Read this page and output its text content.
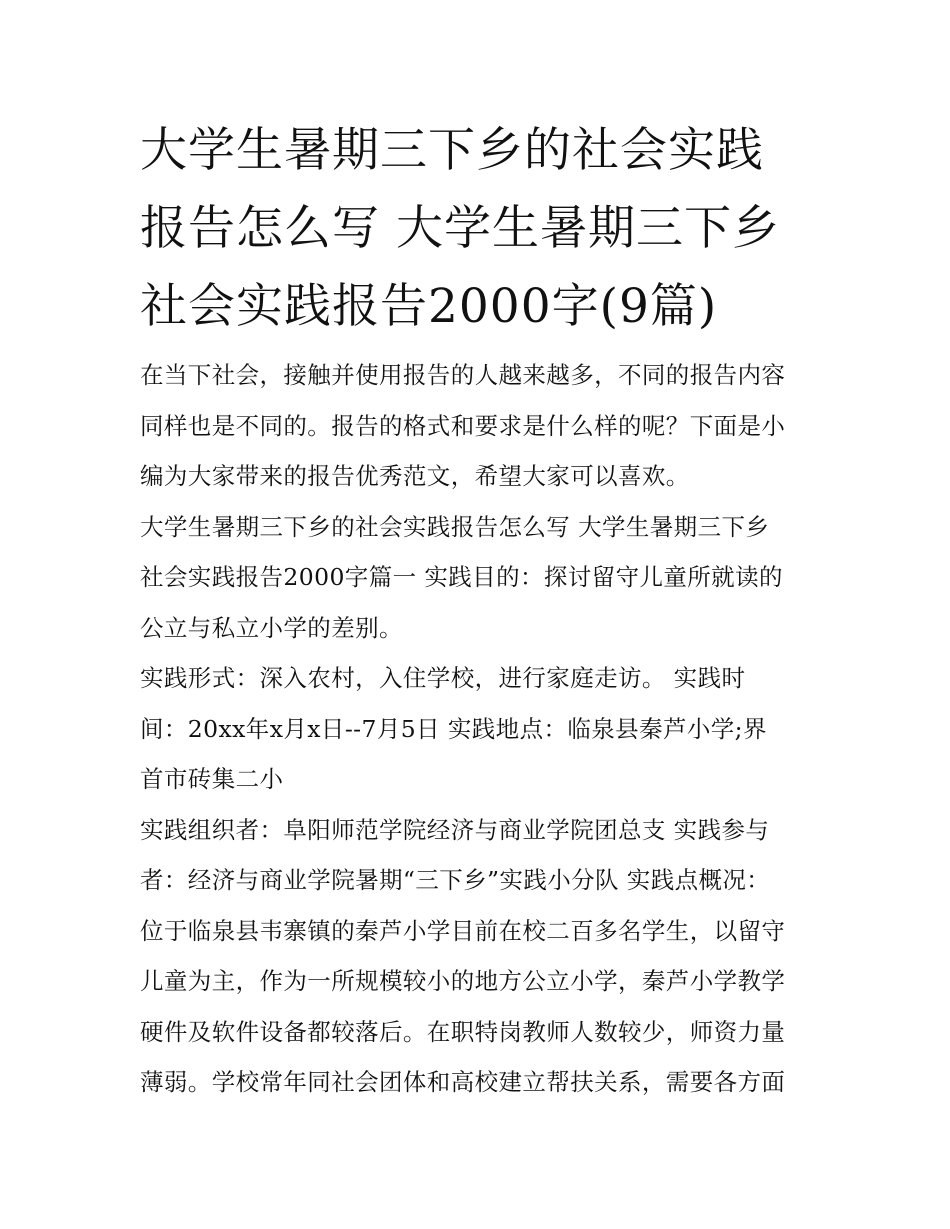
大学生暑期三下乡的社会实践
报告怎么写 大学生暑期三下乡
社会实践报告2000字(9篇)

在当下社会，接触并使用报告的人越来越多，不同的报告内容
同样也是不同的。报告的格式和要求是什么样的呢？下面是小
编为大家带来的报告优秀范文，希望大家可以喜欢。

大学生暑期三下乡的社会实践报告怎么写 大学生暑期三下乡
社会实践报告2000字篇一 实践目的：探讨留守儿童所就读的
公立与私立小学的差别。

实践形式：深入农村，入住学校，进行家庭走访。 实践时
间：20xx年x月x日--7月5日 实践地点：临泉县秦芦小学;界
首市砖集二小

实践组织者：阜阳师范学院经济与商业学院团总支 实践参与
者：经济与商业学院暑期“三下乡”实践小分队 实践点概况：
位于临泉县韦寨镇的秦芦小学目前在校二百多名学生，以留守
儿童为主，作为一所规模较小的地方公立小学，秦芦小学教学
硬件及软件设备都较落后。在职特岗教师人数较少，师资力量
薄弱。学校常年同社会团体和高校建立帮扶关系，需要各方面
